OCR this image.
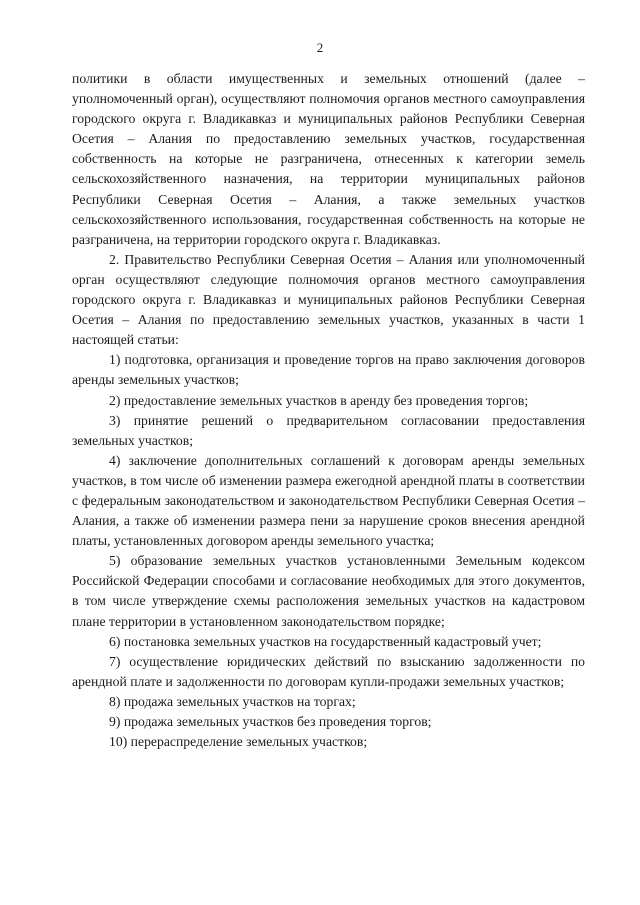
2

политики в области имущественных и земельных отношений (далее – уполномоченный орган), осуществляют полномочия органов местного самоуправления городского округа г. Владикавказ и муниципальных районов Республики Северная Осетия – Алания по предоставлению земельных участков, государственная собственность на которые не разграничена, отнесенных к категории земель сельскохозяйственного назначения, на территории муниципальных районов Республики Северная Осетия – Алания, а также земельных участков сельскохозяйственного использования, государственная собственность на которые не разграничена, на территории городского округа г. Владикавказ.

2. Правительство Республики Северная Осетия – Алания или уполномоченный орган осуществляют следующие полномочия органов местного самоуправления городского округа г. Владикавказ и муниципальных районов Республики Северная Осетия – Алания по предоставлению земельных участков, указанных в части 1 настоящей статьи:

1) подготовка, организация и проведение торгов на право заключения договоров аренды земельных участков;

2) предоставление земельных участков в аренду без проведения торгов;

3) принятие решений о предварительном согласовании предоставления земельных участков;

4) заключение дополнительных соглашений к договорам аренды земельных участков, в том числе об изменении размера ежегодной арендной платы в соответствии с федеральным законодательством и законодательством Республики Северная Осетия – Алания, а также об изменении размера пени за нарушение сроков внесения арендной платы, установленных договором аренды земельного участка;

5) образование земельных участков установленными Земельным кодексом Российской Федерации способами и согласование необходимых для этого документов, в том числе утверждение схемы расположения земельных участков на кадастровом плане территории в установленном законодательством порядке;

6) постановка земельных участков на государственный кадастровый учет;

7) осуществление юридических действий по взысканию задолженности по арендной плате и задолженности по договорам купли-продажи земельных участков;

8) продажа земельных участков на торгах;

9) продажа земельных участков без проведения торгов;

10) перераспределение земельных участков;
